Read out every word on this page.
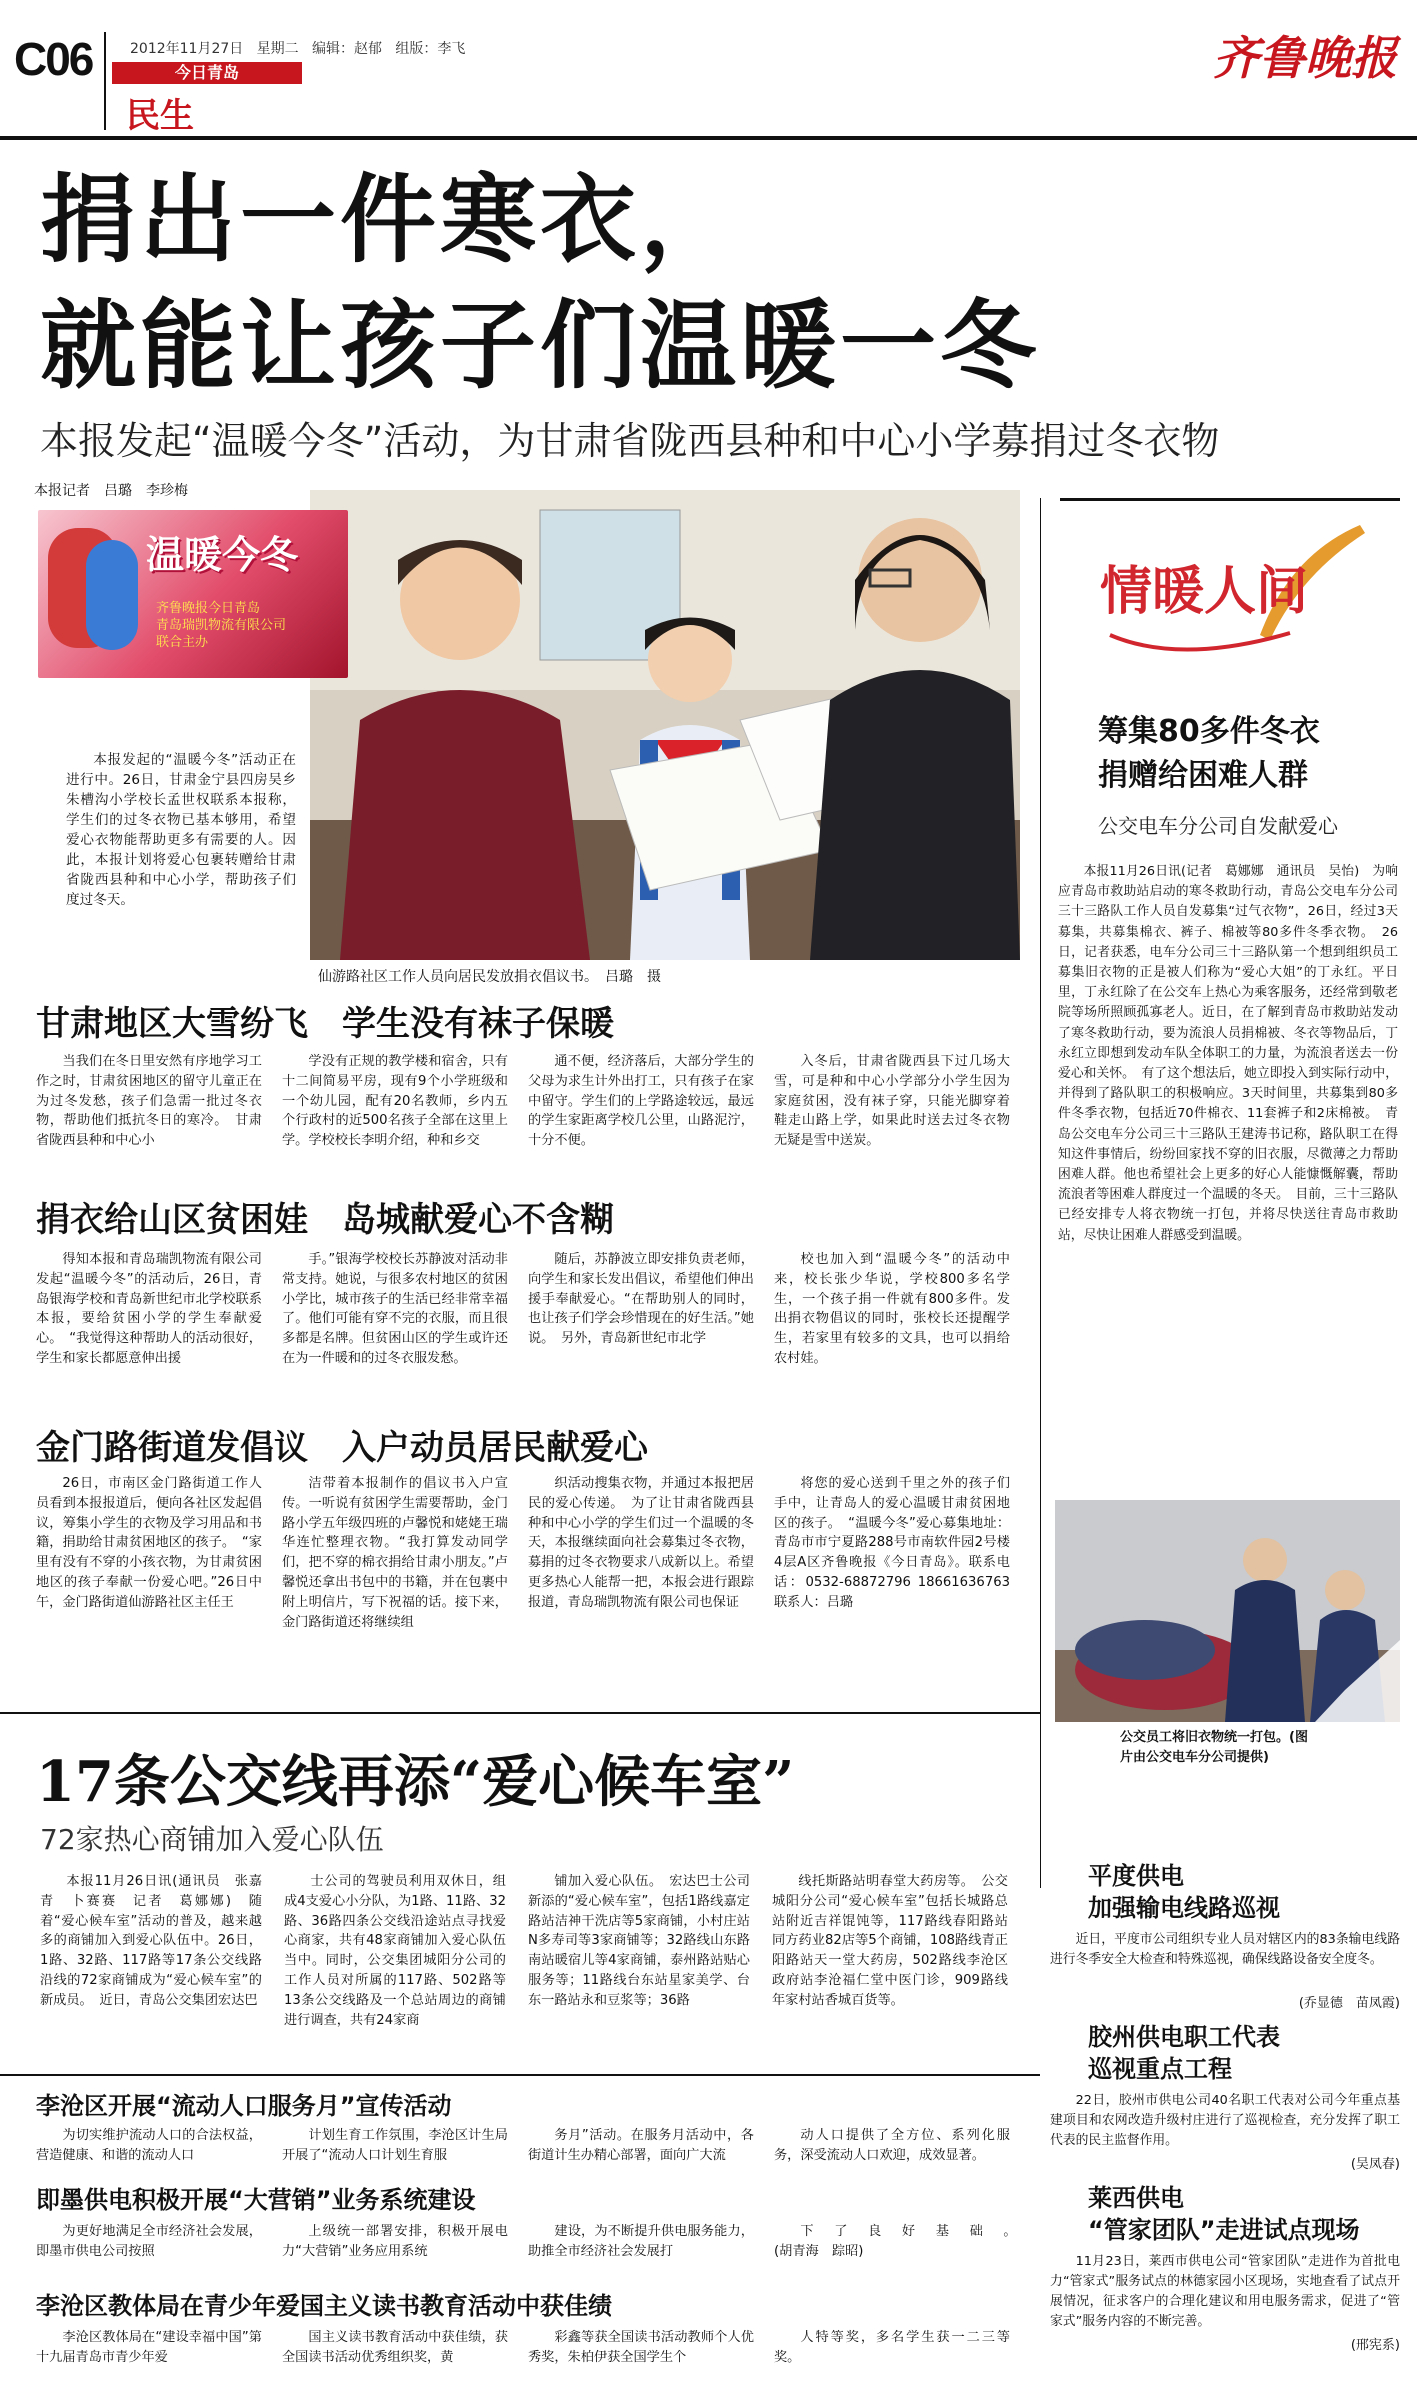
C06	2012年11月27日 星期二 编辑：赵郁 组版：李飞
今日青岛
民生
齐鲁晚报
捐出一件寒衣，
就能让孩子们温暖一冬
本报发起“温暖今冬”活动，为甘肃省陇西县种和中心小学募捐过冬衣物
本报记者　吕璐　李珍梅
温暖今冬
齐鲁晚报今日青岛
青岛瑞凯物流有限公司
联合主办

本报发起的“温暖今冬”活动正在进行中。26日，甘肃金宁县四房吴乡朱槽沟小学校长孟世权联系本报称，学生们的过冬衣物已基本够用，希望爱心衣物能帮助更多有需要的人。因此，本报计划将爱心包裹转赠给甘肃省陇西县种和中心小学，帮助孩子们度过冬天。

仙游路社区工作人员向居民发放捐衣倡议书。　吕璐　摄
甘肃地区大雪纷飞　学生没有袜子保暖

当我们在冬日里安然有序地学习工作之时，甘肃贫困地区的留守儿童正在为过冬发愁，孩子们急需一批过冬衣物，帮助他们抵抗冬日的寒冷。　甘肃省陇西县种和中心小

学没有正规的教学楼和宿舍，只有十二间简易平房，现有9个小学班级和一个幼儿园，配有20名教师，乡内五个行政村的近500名孩子全部在这里上学。学校校长李明介绍，种和乡交

通不便，经济落后，大部分学生的父母为求生计外出打工，只有孩子在家中留守。学生们的上学路途较远，最远的学生家距离学校几公里，山路泥泞，十分不便。

入冬后，甘肃省陇西县下过几场大雪，可是种和中心小学部分小学生因为家庭贫困，没有袜子穿，只能光脚穿着鞋走山路上学，如果此时送去过冬衣物无疑是雪中送炭。

捐衣给山区贫困娃　岛城献爱心不含糊

得知本报和青岛瑞凯物流有限公司发起“温暖今冬”的活动后，26日，青岛银海学校和青岛新世纪市北学校联系本报，要给贫困小学的学生奉献爱心。　“我觉得这种帮助人的活动很好，学生和家长都愿意伸出援

手。”银海学校校长苏静波对活动非常支持。她说，与很多农村地区的贫困小学比，城市孩子的生活已经非常幸福了。他们可能有穿不完的衣服，而且很多都是名牌。但贫困山区的学生或许还在为一件暖和的过冬衣服发愁。

随后，苏静波立即安排负责老师，向学生和家长发出倡议，希望他们伸出援手奉献爱心。“在帮助别人的同时，也让孩子们学会珍惜现在的好生活。”她说。　另外，青岛新世纪市北学

校也加入到“温暖今冬”的活动中来，校长张少华说，学校800多名学生，一个孩子捐一件就有800多件。发出捐衣物倡议的同时，张校长还提醒学生，若家里有较多的文具，也可以捐给农村娃。

金门路街道发倡议　入户动员居民献爱心

26日，市南区金门路街道工作人员看到本报报道后，便向各社区发起倡议，筹集小学生的衣物及学习用品和书籍，捐助给甘肃贫困地区的孩子。　“家里有没有不穿的小孩衣物，为甘肃贫困地区的孩子奉献一份爱心吧。”26日中午，金门路街道仙游路社区主任王

洁带着本报制作的倡议书入户宣传。一听说有贫困学生需要帮助，金门路小学五年级四班的卢馨悦和姥姥王瑞华连忙整理衣物。“我打算发动同学们，把不穿的棉衣捐给甘肃小朋友。”卢馨悦还拿出书包中的书籍，并在包裹中附上明信片，写下祝福的话。接下来，金门路街道还将继续组

织活动搜集衣物，并通过本报把居民的爱心传递。　为了让甘肃省陇西县种和中心小学的学生们过一个温暖的冬天，本报继续面向社会募集过冬衣物，募捐的过冬衣物要求八成新以上。希望更多热心人能帮一把，本报会进行跟踪报道，青岛瑞凯物流有限公司也保证

将您的爱心送到千里之外的孩子们手中，让青岛人的爱心温暖甘肃贫困地区的孩子。　“温暖今冬”爱心募集地址：青岛市市宁夏路288号市南软件园2号楼4层A区齐鲁晚报《今日青岛》。联系电话：0532-68872796 18661636763　联系人：吕璐

情暖人间
筹集80多件冬衣
捐赠给困难人群
公交电车分公司自发献爱心

本报11月26日讯(记者　葛娜娜　通讯员　吴怡)　为响应青岛市救助站启动的寒冬救助行动，青岛公交电车分公司三十三路队工作人员自发募集“过气衣物”，26日，经过3天募集，共募集棉衣、裤子、棉被等80多件冬季衣物。　26日，记者获悉，电车分公司三十三路队第一个想到组织员工募集旧衣物的正是被人们称为“爱心大姐”的丁永红。平日里，丁永红除了在公交车上热心为乘客服务，还经常到敬老院等场所照顾孤寡老人。近日，在了解到青岛市救助站发动了寒冬救助行动，要为流浪人员捐棉被、冬衣等物品后，丁永红立即想到发动车队全体职工的力量，为流浪者送去一份爱心和关怀。　有了这个想法后，她立即投入到实际行动中，并得到了路队职工的积极响应。3天时间里，共募集到80多件冬季衣物，包括近70件棉衣、11套裤子和2床棉被。　青岛公交电车分公司三十三路队王建涛书记称，路队职工在得知这件事情后，纷纷回家找不穿的旧衣服，尽微薄之力帮助困难人群。他也希望社会上更多的好心人能慷慨解囊，帮助流浪者等困难人群度过一个温暖的冬天。　目前，三十三路队已经安排专人将衣物统一打包，并将尽快送往青岛市救助站，尽快让困难人群感受到温暖。

公交员工将旧衣物统一打包。(图片由公交电车分公司提供)
平度供电
加强输电线路巡视

近日，平度市公司组织专业人员对辖区内的83条输电线路进行冬季安全大检查和特殊巡视，确保线路设备安全度冬。

(乔显德　苗凤霞)
胶州供电职工代表
巡视重点工程

22日，胶州市供电公司40名职工代表对公司今年重点基建项目和农网改造升级村庄进行了巡视检查，充分发挥了职工代表的民主监督作用。

(吴凤春)
莱西供电
“管家团队”走进试点现场

11月23日，莱西市供电公司“管家团队”走进作为首批电力“管家式”服务试点的林德家园小区现场，实地查看了试点开展情况，征求客户的合理化建议和用电服务需求，促进了“管家式”服务内容的不断完善。

(邢宪系)
17条公交线再添“爱心候车室”
72家热心商铺加入爱心队伍

本报11月26日讯(通讯员　张嘉青　卜赛赛　记者　葛娜娜)　随着“爱心候车室”活动的普及，越来越多的商铺加入到爱心队伍中。26日，1路、32路、117路等17条公交线路沿线的72家商铺成为“爱心候车室”的新成员。　近日，青岛公交集团宏达巴

士公司的驾驶员利用双休日，组成4支爱心小分队，为1路、11路、32路、36路四条公交线沿途站点寻找爱心商家，共有48家商铺加入爱心队伍当中。同时，公交集团城阳分公司的工作人员对所属的117路、502路等13条公交线路及一个总站周边的商铺进行调查，共有24家商

铺加入爱心队伍。　宏达巴士公司新添的“爱心候车室”，包括1路线嘉定路站洁神干洗店等5家商铺，小村庄站N多寿司等3家商铺等；32路线山东路南站暖宿儿等4家商铺，泰州路站贴心服务等；11路线台东站星家美学、台东一路站永和豆浆等；36路

线托斯路站明春堂大药房等。　公交城阳分公司“爱心候车室”包括长城路总站附近吉祥馄饨等，117路线春阳路站同方药业82店等5个商铺，108路线青正阳路站天一堂大药房，502路线李沧区政府站李沧福仁堂中医门诊，909路线年家村站香城百货等。

李沧区开展“流动人口服务月”宣传活动

为切实维护流动人口的合法权益，营造健康、和谐的流动人口

计划生育工作氛围，李沧区计生局开展了“流动人口计划生育服

务月”活动。在服务月活动中，各街道计生办精心部署，面向广大流

动人口提供了全方位、系列化服务，深受流动人口欢迎，成效显著。

即墨供电积极开展“大营销”业务系统建设

为更好地满足全市经济社会发展，即墨市供电公司按照

上级统一部署安排，积极开展电力“大营销”业务应用系统

建设，为不断提升供电服务能力，助推全市经济社会发展打

下了良好基础。　　　　　　　　　(胡青海　踪昭)

李沧区教体局在青少年爱国主义读书教育活动中获佳绩

李沧区教体局在“建设幸福中国”第十九届青岛市青少年爱

国主义读书教育活动中获佳绩，获全国读书活动优秀组织奖，黄

彩鑫等获全国读书活动教师个人优秀奖，朱柏伊获全国学生个

人特等奖，多名学生获一二三等奖。
